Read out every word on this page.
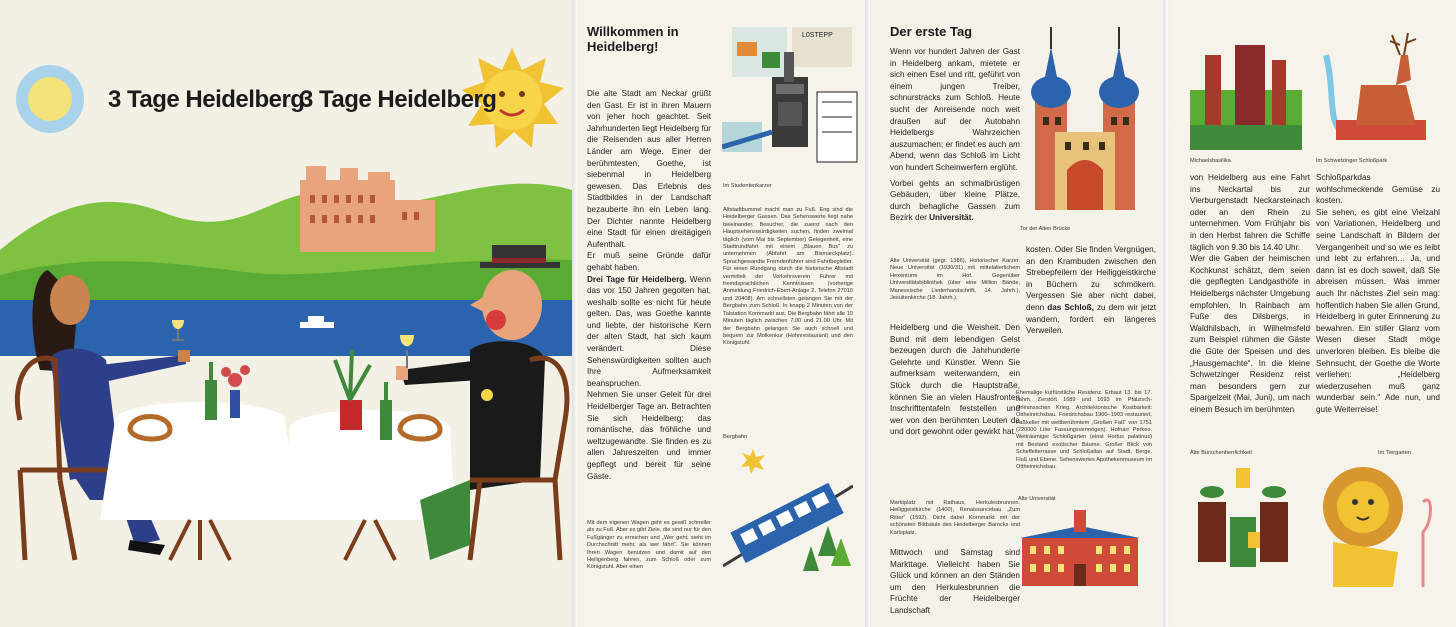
3 Tage Heidelberg
3 Tage Heidelberg
Willkommen in Heidelberg!
L0STEPP
Im Studentenkarzer
Die alte Stadt am Neckar grüßt den Gast. Er ist in ihren Mauern von jeher hoch geachtet. Seit Jahrhunderten liegt Heidelberg für die Reisenden aus aller Herren Länder am Wege. Einer der berühmtesten, Goethe, ist siebenmal in Heidelberg gewesen. Das Erlebnis des Stadtbildes in der Landschaft bezauberte ihn ein Leben lang. Der Dichter nannte Heidelberg eine Stadt für einen dreitägigen Aufenthalt.
Er muß seine Gründe dafür gehabt haben.
Drei Tage für Heidelberg. Wenn das vor 150 Jahren gegolten hat, weshalb sollte es nicht für heute gelten. Das, was Goethe kannte und liebte, der historische Kern der alten Stadt, hat sich kaum verändert. Diese Sehenswürdigkeiten sollten auch Ihre Aufmerksamkeit beanspruchen.
Nehmen Sie unser Geleit für drei Heidelberger Tage an. Betrachten Sie sich Heidelberg: das romantische, das fröhliche und weltzugewandte. Sie finden es zu allen Jahreszeiten und immer gepflegt und bereit für seine Gäste.
Mit dem eigenen Wagen geht es gewiß schneller als zu Fuß. Aber es gibt Ziele, die sind nur für den Fußgänger zu erreichen und „Wer geht, sieht im Durchschnitt mehr, als wer fährt“. Sie können Ihren Wagen benutzen und damit auf den Heiligenberg fahren, zum Schloß oder zum Königstuhl. Aber einen
Altstadtbummel macht man zu Fuß. Eng sind die Heidelberger Gassen. Das Sehenswerte liegt nahe beieinander. Besucher, die zuerst nach den Hauptsehenswürdigkeiten suchen, finden zweimal täglich (vom Mai bis September) Gelegenheit, eine Stadtrundfahrt mit einem „Blauen Bus“ zu unternehmen (Abfahrt am Bismarckplatz). Sprachgewandte Fremdenführer sind Fahrtbegleiter. Für einen Rundgang durch die historische Altstadt vermittelt der Verkehrsverein Führer mit fremdsprachlichen Kenntnissen (vorherige Anmeldung Friedrich-Ebert-Anlage 2, Telefon 27010 und 20408). Am schnellsten gelangen Sie mit der Bergbahn zum Schloß. In knapp 2 Minuten von der Talstation Kornmarkt aus. Die Bergbahn fährt alle 10 Minuten täglich zwischen 7.00 und 21.00 Uhr. Mit der Bergbahn gelangen Sie auch schnell und bequem zur Molkenkur (Hohnrestaurant) und den Königstuhl.
Bergbahn
Der erste Tag
Wenn vor hundert Jahren der Gast in Heidelberg ankam, mietete er sich einen Esel und ritt, geführt von einem jungen Treiber, schnurstracks zum Schloß. Heute sucht der Anreisende noch weit draußen auf der Autobahn Heidelbergs Wahrzeichen auszumachen; er findet es auch am Abend, wenn das Schloß im Licht von hundert Scheinwerfern erglüht.
Vorbei gehts an schmalbrüstigen Gebäuden, über kleine Plätze, durch behagliche Gassen zum Bezirk der Universität.
Alte Universität (gegr. 1386), Historischer Karzer. Neue Universität (1930/31) mit mittelalterlichem Hexenturm im Hof. Gegenüber Universitätsbibliothek (über eine Million Bände, Manessische Liederhandschrift, 14. Jahrh.), Jesuitenkirche (18. Jahrh.).
Heidelberg und die Weisheit. Den Bund mit dem lebendigen Geist bezeugen durch die Jahrhunderte Gelehrte und Künstler. Wenn Sie aufmerksam weiterwandern, ein Stück durch die Hauptstraße, können Sie an vielen Hausfronten Inschrifttentafeln feststellen und wer von den berühmten Leuten da und dort gewohnt oder gewirkt hat.
Marktplatz mit Rathaus, Herkulesbrunnen, Heiliggeistkirche (1400), Renaissancebau „Zum Ritter“ (1592). Dicht dabei Kornmarkt mit der schönsten Bildsäule des Heidelberger Barocks und Karlsplatz.
Mittwoch und Samstag sind Markttage. Vielleicht haben Sie Glück und können an den Ständen um den Herkulesbrunnen die Früchte der Heidelberger Landschaft
Tor der Alten Brücke
kosten. Oder Sie finden Vergnügen, an den Krambuden zwischen den Strebepfeilern der Heiliggeistkirche in Büchern zu schmökern. Vergessen Sie aber nicht dabei, denn das Schloß, zu dem wir jetzt wandern, fordert ein längeres Verweilen.
Ehemalige kurfürstliche Residenz. Erbaut 13. bis 17. Jahrh. Zerstört 1689 und 1693 im Pfälzisch-Orléansschen Krieg. Architektonische Kostbarkeit: Ottheinrichsbau. Friedrichsbau 1900–1903 restauriert. Faßkeller mit weltberühmtem „Großen Faß“ von 1751 (220000 Liter Fassungsvermögen). Hofnarr Perkeo. Weiträumiger Schloßgarten (einst Hortus palatinus) mit Bestand exotischer Bäume. Großer Blick von Scheffelterrasse und Schloßaltan auf Stadt, Berge, Fluß und Ebene. Sehenswertes Apothekenmuseum im Ottheinrichsbau.
Alte Universität
Michaelsbasilika	Im Schwetzinger Schloßpark
von Heidelberg aus eine Fahrt ins Neckartal bis zur Vierburgenstadt Neckarsteinach oder an den Rhein zu unternehmen. Vom Frühjahr bis in den Herbst fahren die Schiffe täglich von 9.30 bis 14.40 Uhr.
Wer die Gaben der heimischen Kochkunst schätzt, dem seien die gepflegten Landgasthöfe in Heidelbergs nächster Umgebung empfohlen. In Rainbach am Fuße des Dilsbergs, in Waldhilsbach, in Wilhelmsfeld zum Beispiel rühmen die Gäste die Güte der Speisen und des „Hausgemachte“. In die kleine Schwetzinger Residenz reist man besonders gern zur Spargelzeit (Mai, Juni), um nach einem Besuch im berühmten
Schloßparkdas wohlschmeckende Gemüse zu kosten.
Sie sehen, es gibt eine Vielzahl von Variationen, Heidelberg und seine Landschaft in Bildern der Vergangenheit und so wie es leibt und lebt zu erfahren… Ja, und dann ist es doch soweit, daß Sie abreisen müssen. Was immer auch Ihr nächstes Ziel sein mag: hoffentlich haben Sie allen Grund, Heidelberg in guter Erinnerung zu bewahren. Ein stiller Glanz vom Wesen dieser Stadt möge unverloren bleiben. Es bleibe die Sehnsucht, der Goethe die Worte verliehen: „Heidelberg wiederzusehen muß ganz wunderbar sein.“ Ade nun, und gute Weiterreise!
Alte Burschenherrlichkeit	Im Tiergarten
